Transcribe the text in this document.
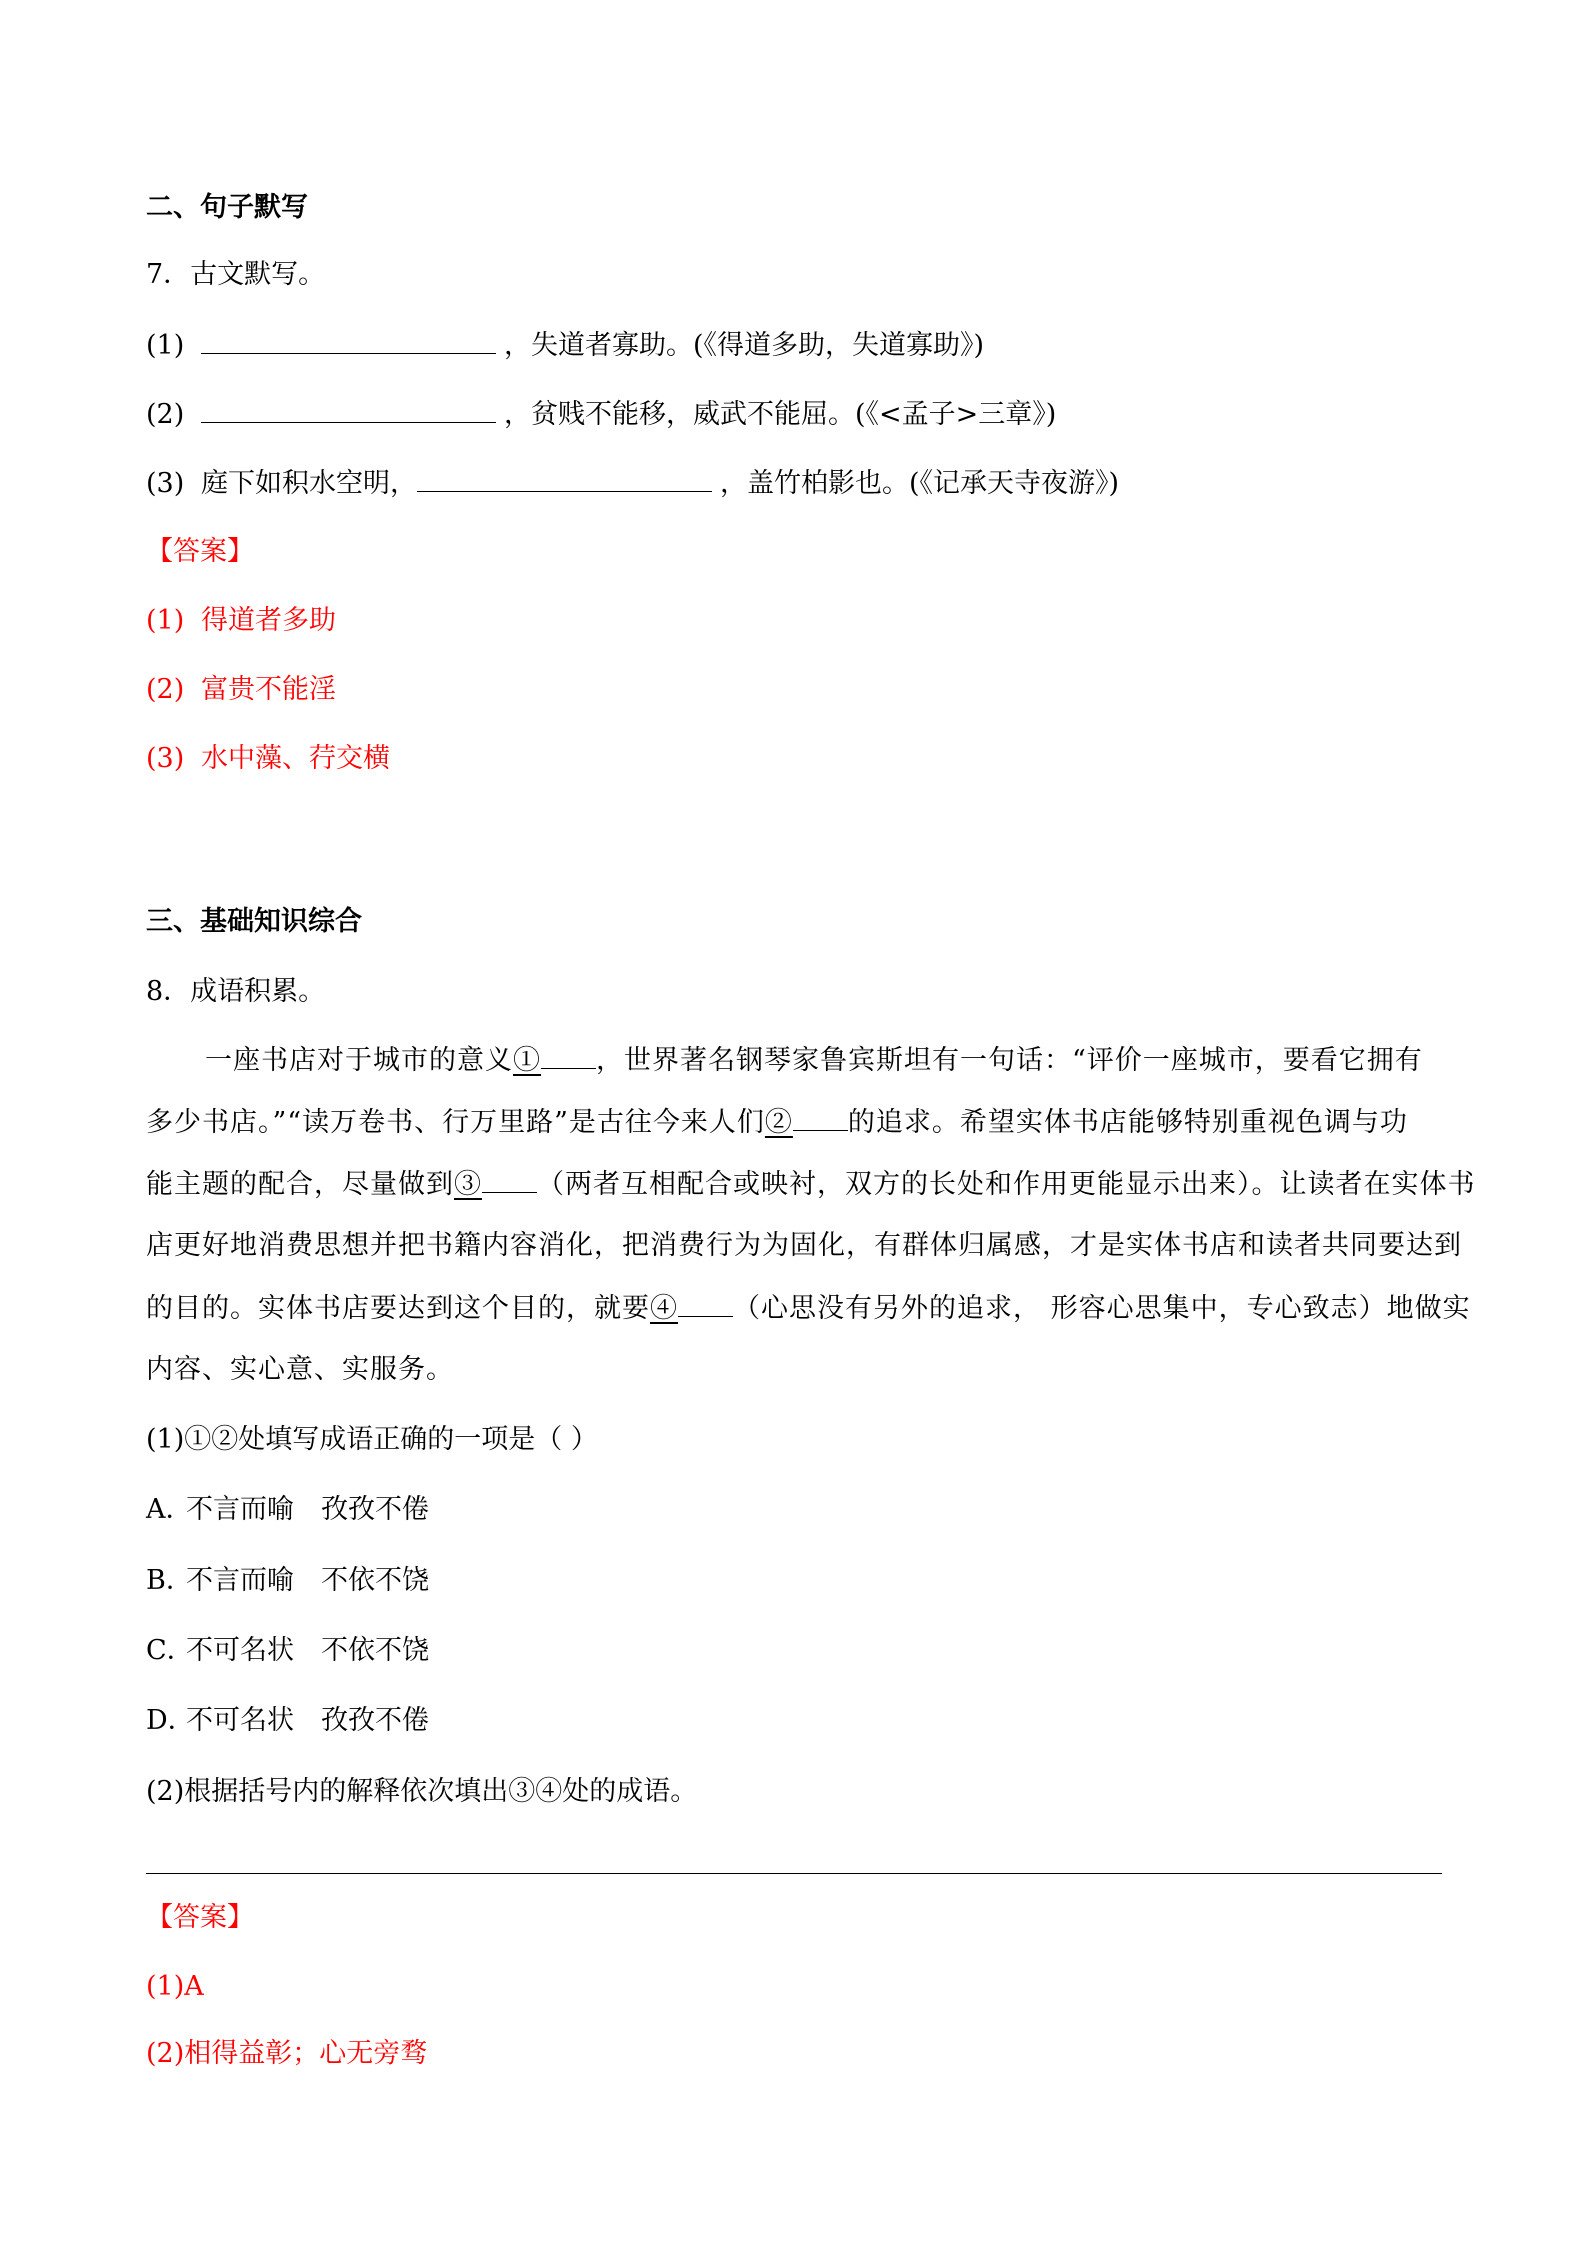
二、句子默写
7．古文默写。
(1)	，失道者寡助。(《得道多助，失道寡助》)
(2)	，贫贱不能移，威武不能屈。(《<孟子>三章》)
(3) 庭下如积水空明，	，盖竹柏影也。(《记承天寺夜游》)
【答案】
(1) 得道者多助
(2) 富贵不能淫
(3) 水中藻、荇交横
三、基础知识综合
8．成语积累。
一座书店对于城市的意义① ，世界著名钢琴家鲁宾斯坦有一句话：“评价一座城市，要看它拥有
多少书店。”“读万卷书、行万里路”是古往今来人们② 的追求。希望实体书店能够特别重视色调与功
能主题的配合，尽量做到③ （两者互相配合或映衬，双方的长处和作用更能显示出来）。让读者在实体书
店更好地消费思想并把书籍内容消化，把消费行为为固化，有群体归属感，才是实体书店和读者共同要达到
的目的。实体书店要达到这个目的，就要④ （心思没有另外的追求， 形容心思集中，专心致志）地做实
内容、实心意、实服务。
(1)①②处填写成语正确的一项是（ ）
A．不言而喻　孜孜不倦
B．不言而喻　不依不饶
C．不可名状　不依不饶
D．不可名状　孜孜不倦
(2)根据括号内的解释依次填出③④处的成语。
【答案】
(1)A
(2)相得益彰；心无旁骛
